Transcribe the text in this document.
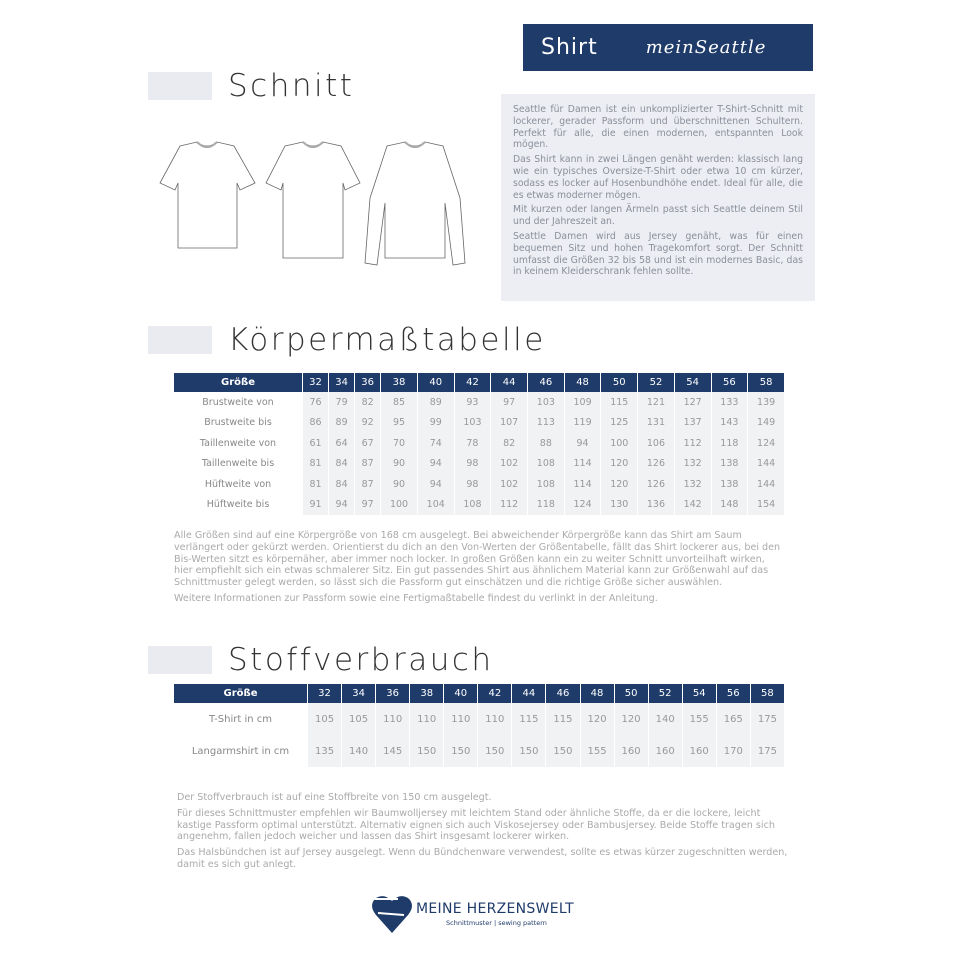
Shirt	meinSeattle
Schnitt

Seattle für Damen ist ein unkomplizierter T-Shirt-Schnitt mit lockerer, gerader Passform und überschnittenen Schultern. Perfekt für alle, die einen modernen, entspannten Look mögen.

Das Shirt kann in zwei Längen genäht werden: klassisch lang wie ein typisches Oversize-T-Shirt oder etwa 10 cm kürzer, sodass es locker auf Hosenbundhöhe endet. Ideal für alle, die es etwas moderner mögen.

Mit kurzen oder langen Ärmeln passt sich Seattle deinem Stil und der Jahreszeit an.

Seattle Damen wird aus Jersey genäht, was für einen bequemen Sitz und hohen Tragekomfort sorgt. Der Schnitt umfasst die Größen 32 bis 58 und ist ein modernes Basic, das in keinem Kleiderschrank fehlen sollte.

Körpermaßtabelle
Größe	32	34	36	38	40	42	44	46	48	50	52	54	56	58
Brustweite von	76	79	82	85	89	93	97	103	109	115	121	127	133	139
Brustweite bis	86	89	92	95	99	103	107	113	119	125	131	137	143	149
Taillenweite von	61	64	67	70	74	78	82	88	94	100	106	112	118	124
Taillenweite bis	81	84	87	90	94	98	102	108	114	120	126	132	138	144
Hüftweite von	81	84	87	90	94	98	102	108	114	120	126	132	138	144
Hüftweite bis	91	94	97	100	104	108	112	118	124	130	136	142	148	154

Alle Größen sind auf eine Körpergröße von 168 cm ausgelegt. Bei abweichender Körpergröße kann das Shirt am Saum verlängert oder gekürzt werden. Orientierst du dich an den Von-Werten der Größentabelle, fällt das Shirt lockerer aus, bei den Bis-Werten sitzt es körpernäher, aber immer noch locker. In großen Größen kann ein zu weiter Schnitt unvorteilhaft wirken, hier empfiehlt sich ein etwas schmalerer Sitz. Ein gut passendes Shirt aus ähnlichem Material kann zur Größenwahl auf das Schnittmuster gelegt werden, so lässt sich die Passform gut einschätzen und die richtige Größe sicher auswählen.

Weitere Informationen zur Passform sowie eine Fertigmaßtabelle findest du verlinkt in der Anleitung.

Stoffverbrauch
Größe	32	34	36	38	40	42	44	46	48	50	52	54	56	58
T-Shirt in cm	105	105	110	110	110	110	115	115	120	120	140	155	165	175
Langarmshirt in cm	135	140	145	150	150	150	150	150	155	160	160	160	170	175

Der Stoffverbrauch ist auf eine Stoffbreite von 150 cm ausgelegt.

Für dieses Schnittmuster empfehlen wir Baumwolljersey mit leichtem Stand oder ähnliche Stoffe, da er die lockere, leicht kastige Passform optimal unterstützt. Alternativ eignen sich auch Viskosejersey oder Bambusjersey. Beide Stoffe tragen sich angenehm, fallen jedoch weicher und lassen das Shirt insgesamt lockerer wirken.

Das Halsbündchen ist auf Jersey ausgelegt. Wenn du Bündchenware verwendest, sollte es etwas kürzer zugeschnitten werden, damit es sich gut anlegt.

MEINE HERZENSWELT
Schnittmuster | sewing pattern
